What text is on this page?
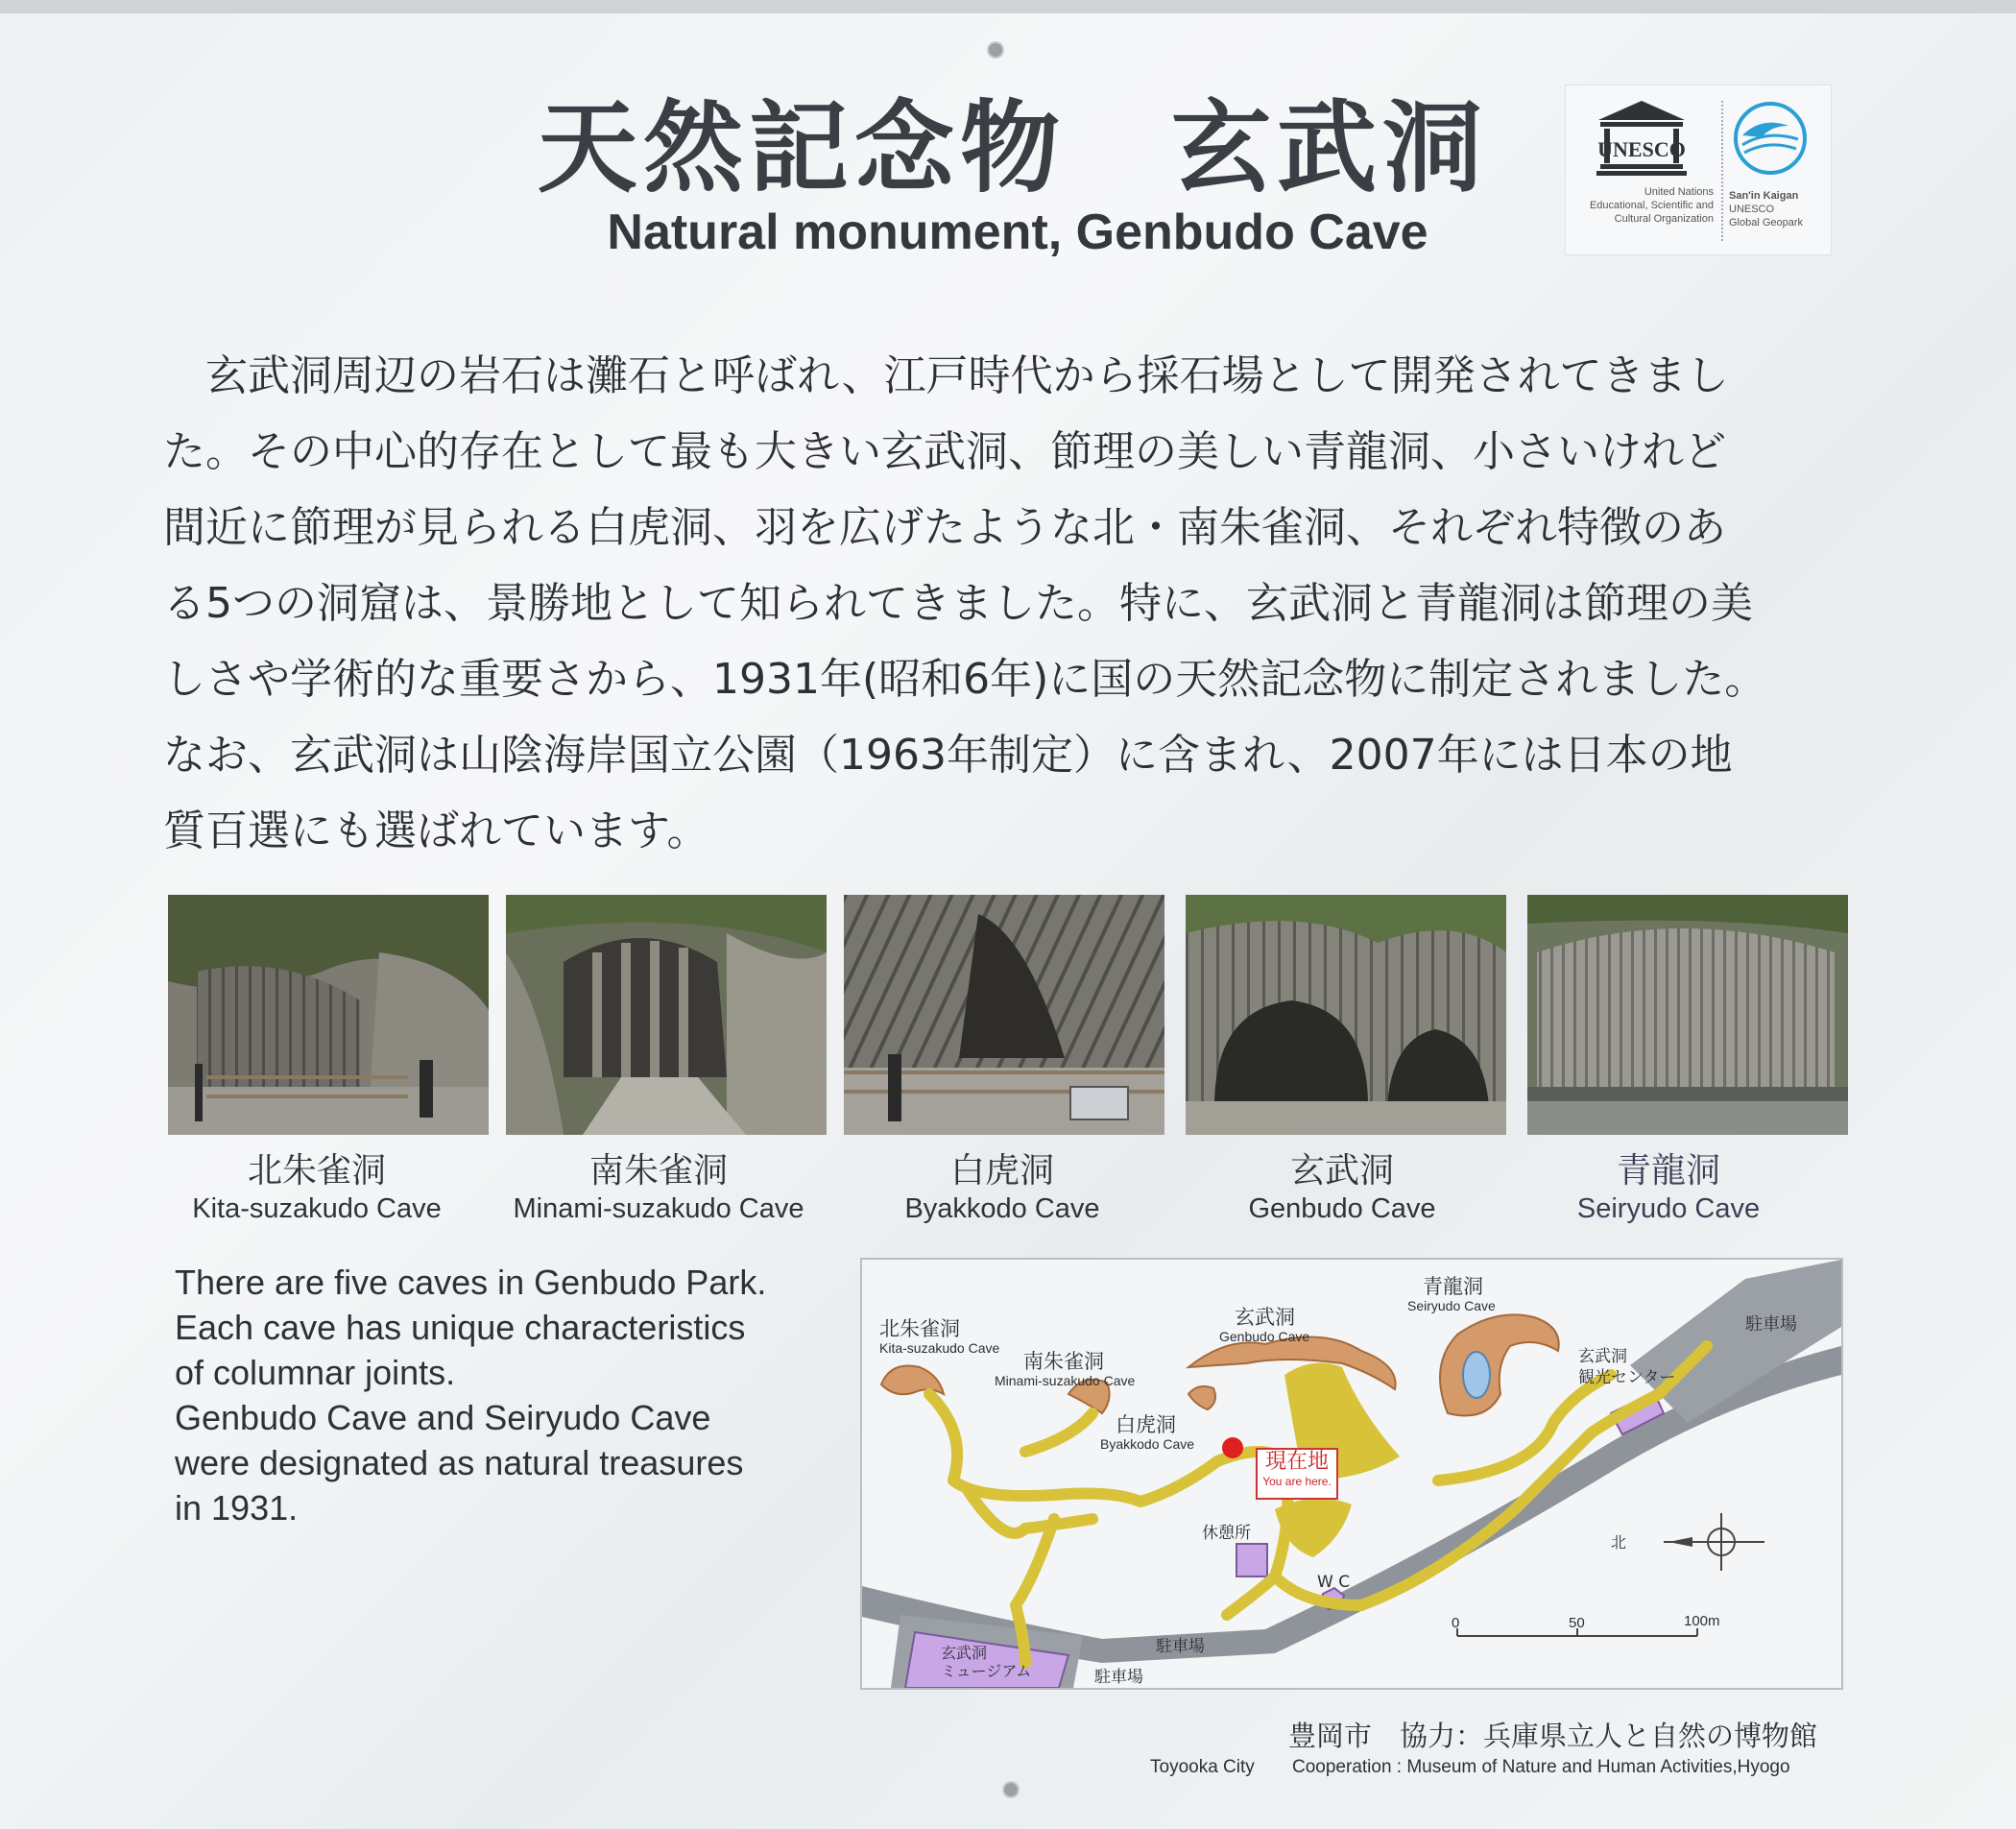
天然記念物　玄武洞
Natural monument, Genbudo Cave
UNESCO
United Nations
Educational, Scientific and
Cultural Organization
San'in Kaigan
UNESCO
Global Geopark

　玄武洞周辺の岩石は灘石と呼ばれ、江戸時代から採石場として開発されてきまし

た。その中心的存在として最も大きい玄武洞、節理の美しい青龍洞、小さいけれど

間近に節理が見られる白虎洞、羽を広げたような北・南朱雀洞、それぞれ特徴のあ

る5つの洞窟は、景勝地として知られてきました。特に、玄武洞と青龍洞は節理の美

しさや学術的な重要さから、1931年(昭和6年)に国の天然記念物に制定されました。

なお、玄武洞は山陰海岸国立公園（1963年制定）に含まれ、2007年には日本の地

質百選にも選ばれています。

北朱雀洞
Kita-suzakudo Cave
南朱雀洞
Minami-suzakudo Cave
白虎洞
Byakkodo Cave
玄武洞
Genbudo Cave
青龍洞
Seiryudo Cave

There are five caves in Genbudo Park.

Each cave has unique characteristics

of columnar joints.

Genbudo Cave and Seiryudo Cave

were designated as natural treasures

in 1931.

北朱雀洞
Kita-suzakudo Cave
南朱雀洞
Minami-suzakudo Cave
白虎洞
Byakkodo Cave
玄武洞
Genbudo Cave
青龍洞
Seiryudo Cave
駐車場
玄武洞
観光センター
休憩所
W C
玄武洞
ミュージアム
駐車場
駐車場
北
0	50	100m
現在地
You are here.
豊岡市　協力：兵庫県立人と自然の博物館
Toyooka City Cooperation : Museum of Nature and Human Activities,Hyogo
